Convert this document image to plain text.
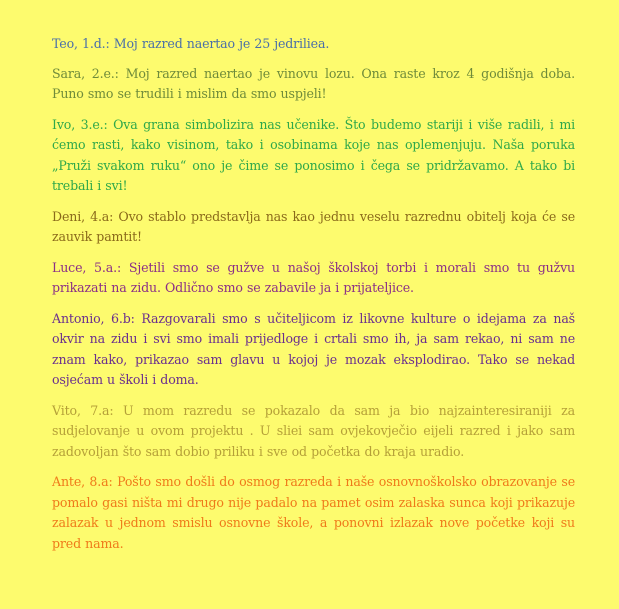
Teo, 1.d.: Moj razred naertao je 25 jedriliea.

Sara, 2.e.: Moj razred naertao je vinovu lozu. Ona raste kroz 4 godišnja doba. Puno smo se trudili i mislim da smo uspjeli!

Ivo, 3.e.: Ova grana simbolizira nas učenike. Što budemo stariji i više radili, i mi ćemo rasti, kako visinom, tako i osobinama koje nas oplemenjuju. Naša poruka „Pruži svakom ruku“ ono je čime se ponosimo i čega se pridržavamo. A tako bi trebali i svi!

Deni, 4.a: Ovo stablo predstavlja nas kao jednu veselu razrednu obitelj koja će se zauvik pamtit!

Luce, 5.a.: Sjetili smo se gužve u našoj školskoj torbi i morali smo tu gužvu prikazati na zidu. Odlično smo se zabavile ja i prijateljice.

Antonio, 6.b: Razgovarali smo s učiteljicom iz likovne kulture o idejama za naš okvir na zidu i svi smo imali prijedloge i crtali smo ih, ja sam rekao, ni sam ne znam kako, prikazao sam glavu u kojoj je mozak eksplodirao. Tako se nekad osjećam u školi i doma.

Vito, 7.a: U mom razredu se pokazalo da sam ja bio najzainteresiraniji za sudjelovanje u ovom projektu . U sliei sam ovjekovječio eijeli razred i jako sam zadovoljan što sam dobio priliku i sve od početka do kraja uradio.

Ante, 8.a: Pošto smo došli do osmog razreda i naše osnovnoškolsko obrazovanje se pomalo gasi ništa mi drugo nije padalo na pamet osim zalaska sunca koji prikazuje zalazak u jednom smislu osnovne škole, a ponovni izlazak nove početke koji su pred nama.
